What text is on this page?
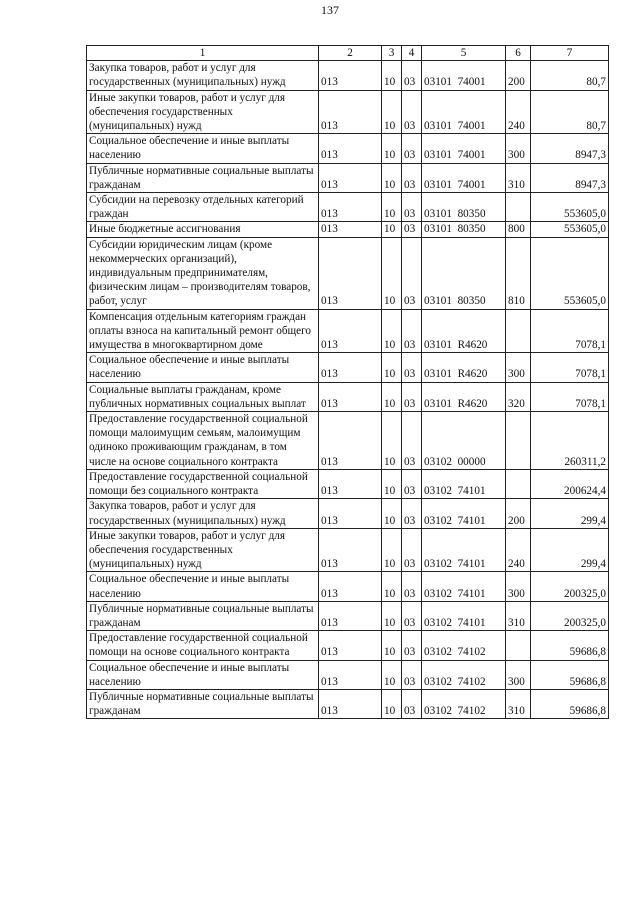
137
1	2	3	4	5	6	7
Закупка товаров, работ и услуг для государственных (муниципальных) нужд	013	10	03	03101  74001	200	80,7
Иные закупки товаров, работ и услуг для обеспечения государственных (муниципальных) нужд	013	10	03	03101  74001	240	80,7
Социальное обеспечение и иные выплаты населению	013	10	03	03101  74001	300	8947,3
Публичные нормативные социальные выплаты гражданам	013	10	03	03101  74001	310	8947,3
Субсидии на перевозку отдельных категорий граждан	013	10	03	03101  80350		553605,0
Иные бюджетные ассигнования	013	10	03	03101  80350	800	553605,0
Субсидии юридическим лицам (кроме некоммерческих организаций), индивидуальным предпринимателям, физическим лицам – производителям товаров, работ, услуг	013	10	03	03101  80350	810	553605,0
Компенсация отдельным категориям граждан оплаты взноса на капитальный ремонт общего имущества в многоквартирном доме	013	10	03	03101  R4620		7078,1
Социальное обеспечение и иные выплаты населению	013	10	03	03101  R4620	300	7078,1
Социальные выплаты гражданам, кроме публичных нормативных социальных выплат	013	10	03	03101  R4620	320	7078,1
Предоставление государственной социальной помощи малоимущим семьям, малоимущим одиноко проживающим гражданам, в том числе на основе социального контракта	013	10	03	03102  00000		260311,2
Предоставление государственной социальной помощи без социального контракта	013	10	03	03102  74101		200624,4
Закупка товаров, работ и услуг для государственных (муниципальных) нужд	013	10	03	03102  74101	200	299,4
Иные закупки товаров, работ и услуг для обеспечения государственных (муниципальных) нужд	013	10	03	03102  74101	240	299,4
Социальное обеспечение и иные выплаты населению	013	10	03	03102  74101	300	200325,0
Публичные нормативные социальные выплаты гражданам	013	10	03	03102  74101	310	200325,0
Предоставление государственной социальной помощи на основе социального контракта	013	10	03	03102  74102		59686,8
Социальное обеспечение и иные выплаты населению	013	10	03	03102  74102	300	59686,8
Публичные нормативные социальные выплаты гражданам	013	10	03	03102  74102	310	59686,8
